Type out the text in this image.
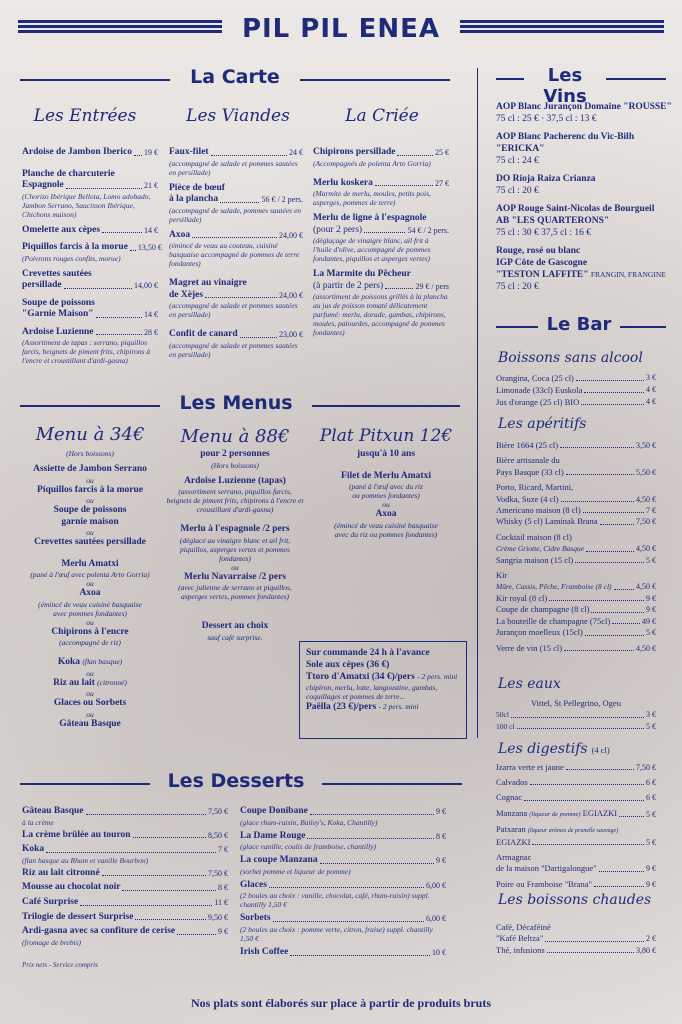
PIL PIL ENEA
La Carte
Les Entrées	Les Viandes	La Criée
Ardoise de Jambon Iberico 19 €
Planche de charcuterie
Espagnole	21 €
(Chorizo Ibérique Bellota, Lomo adobado, Jambon Serrano, Saucisson Ibérique, Chichons maison)
Omelette aux cèpes	14 €
Piquillos farcis à la morue 13,50 €
(Poivrons rouges confits, morue)
Crevettes sautées
persillade	14,00 €
Soupe de poissons
"Garnie Maison"	14 €
Ardoise Luzienne	28 €
(Assortiment de tapas : serrano, piquillos farcis, beignets de piment frits, chipirons à l'encre et croustillant d'ardi-gasna)
Faux-filet	24 €
(accompagné de salade et pommes sautées en persillade)
Pièce de bœuf
à la plancha	56 € / 2 pers.
(accompagné de salade, pommes sautées en persillade)
Axoa	24,00 €
(émincé de veau au couteau, cuisiné basquaise accompagné de pommes de terre fondantes)
Magret au vinaigre
de Xèjes	24,00 €
(accompagné de salade et pommes sautées en persillade)
Confit de canard	23,00 €
(accompagné de salade et pommes sautées en persillade)
Chipirons persillade	25 €
(Accompagnés de polenta Arto Gorria)
Merlu koskera	27 €
(Marmite de merlu, moules, petits pois, asperges, pommes de terre)
Merlu de ligne à l'espagnole
(pour 2 pers)	54 € / 2 pers.
(déglaçage de vinaigre blanc, ail frit à l'huile d'olive, accompagné de pommes fondantes, piquillos et asperges vertes)
La Marmite du Pêcheur
(à partir de 2 pers)	29 € / pers
(assortiment de poissons grillés à la plancha au jus de poisson tomaté délicatement parfumé: merlu, dorade, gambas, chipirons, moules, palourdes, accompagné de pommes fondantes)
Les Vins
AOP Blanc Jurançon Domaine "ROUSSE"
75 cl : 25 € · 37,5 cl : 13 €
AOP Blanc Pacherenc du Vic-Bilh
"ERICKA"
75 cl : 24 €
DO Rioja Raiza Crianza
75 cl : 20 €
AOP Rouge Saint-Nicolas de Bourgueil
AB "LES QUARTERONS"
75 cl : 30 € 37,5 cl : 16 €
Rouge, rosé ou blanc
IGP Côte de Gascogne
"TESTON LAFFITE" FRANGIN, FRANGINE
75 cl : 20 €
Le Bar
Boissons sans alcool
Orangina, Coca (25 cl)	3 €
Limonade (33cl) Euskola	4 €
Jus d'orange (25 cl) BIO	4 €
Les apéritifs
Bière 1664 (25 cl)	3,50 €
Bière artisanale du
Pays Basque (33 cl)	5,50 €
Porto, Ricard, Martini,
Vodka, Suze (4 cl)	4,50 €
Americano maison (8 cl)	7 €
Whisky (5 cl) Laminak Brana	7,50 €
Cocktail maison (8 cl)
Crème Griotte, Cidre Basque	4,50 €
Sangria maison (15 cl)	5 €
Kir
Mûre, Cassis, Pêche, Framboise (8 cl)	4,50 €
Kir royal (8 cl)	9 €
Coupe de champagne (8 cl)	9 €
La bouteille de champagne (75cl)	49 €
Jurançon moelleux (15cl)	5 €
Verre de vin (15 cl)	4,50 €
Les eaux
Vittel, St Pellegrino, Ogeu
50cl	3 €
100 cl	5 €
Les digestifs (4 cl)
Izarra verte et jaune	7,50 €
Calvados	6 €
Cognac	6 €
Manzana (liqueur de pomme) EGIAZKI	5 €
Patxaran (liqueur arômes de prunelle sauvage)
EGIAZKI	5 €
Armagnac
de la maison "Dartigalongue"	9 €
Poire ou Framboise "Brana"	9 €
Les boissons chaudes
Café, Décaféiné
"Kafé Beltza"	2 €
Thé, infusions	3,80 €
Les Menus
Menu à 34€
(Hors boissons)
Assiette de Jambon Serrano
ou
Piquillos farcis à la morue
ou
Soupe de poissons
garnie maison
ou
Crevettes sautées persillade
Merlu Amatxi
(pané à l'œuf avec polenta Arto Gorria)
ou
Axoa
(émincé de veau cuisiné basquaise
avec pommes fondantes)
ou
Chipirons à l'encre
(accompagné de riz)
Koka (flan basque)
ou
Riz au lait (citronné)
ou
Glaces ou Sorbets
ou
Gâteau Basque
Menu à 88€
pour 2 personnes
(Hors boissons)
Ardoise Luzienne (tapas)
(assortiment serrano, piquillos farcis, beignets de piment frits, chipirons à l'encre et croustillant d'ardi-gasna)
Merlu à l'espagnole /2 pers
(déglacé au vinaigre blanc et ail frit, piquillos, asperges vertes et pommes fondantes)
ou
Merlu Navarraise /2 pers
(avec julienne de serrano et piquillos, asperges vertes, pommes fondantes)
Dessert au choix
sauf café surprise.
Plat Pitxun 12€
jusqu'à 10 ans
Filet de Merlu Amatxi
(pané à l'œuf avec du riz
ou pommes fondantes)
ou
Axoa
(émincé de veau cuisiné basquaise
avec du riz ou pommes fondantes)
Sur commande 24 h à l'avance
Sole aux cèpes (36 €)
Ttoro d'Amatxi (34 €)/pers - 2 pers. mini
chipiron, merlu, lotte, langoustine, gambas, coquillages et pommes de terre...
Paëlla (23 €)/pers - 2 pers. mini
Les Desserts
Gâteau Basque	7,50 €
à la crème
La crème brûlée au touron	8,50 €
Koka	7 €
(flan basque au Rhum et vanille Bourbon)
Riz au lait citronné	7,50 €
Mousse au chocolat noir	8 €
Café Surprise	11 €
Trilogie de dessert Surprise	9,50 €
Ardi-gasna avec sa confiture de cerise	9 €
(fromage de brebis)
Prix nets - Service compris
Coupe Donibane	9 €
(glace rhum-raisin, Bailey's, Koka, Chantilly)
La Dame Rouge	8 €
(glace vanille, coulis de framboise, chantilly)
La coupe Manzana	9 €
(sorbet pomme et liqueur de pomme)
Glaces	6,00 €
(2 boules au choix : vanille, chocolat, café, rhum-raisin) suppl. chantilly 1,50 €
Sorbets	6,00 €
(2 boules au choix : pomme verte, citron, fraise) suppl. chantilly 1,50 €
Irish Coffee	10 €
Nos plats sont élaborés sur place à partir de produits bruts
